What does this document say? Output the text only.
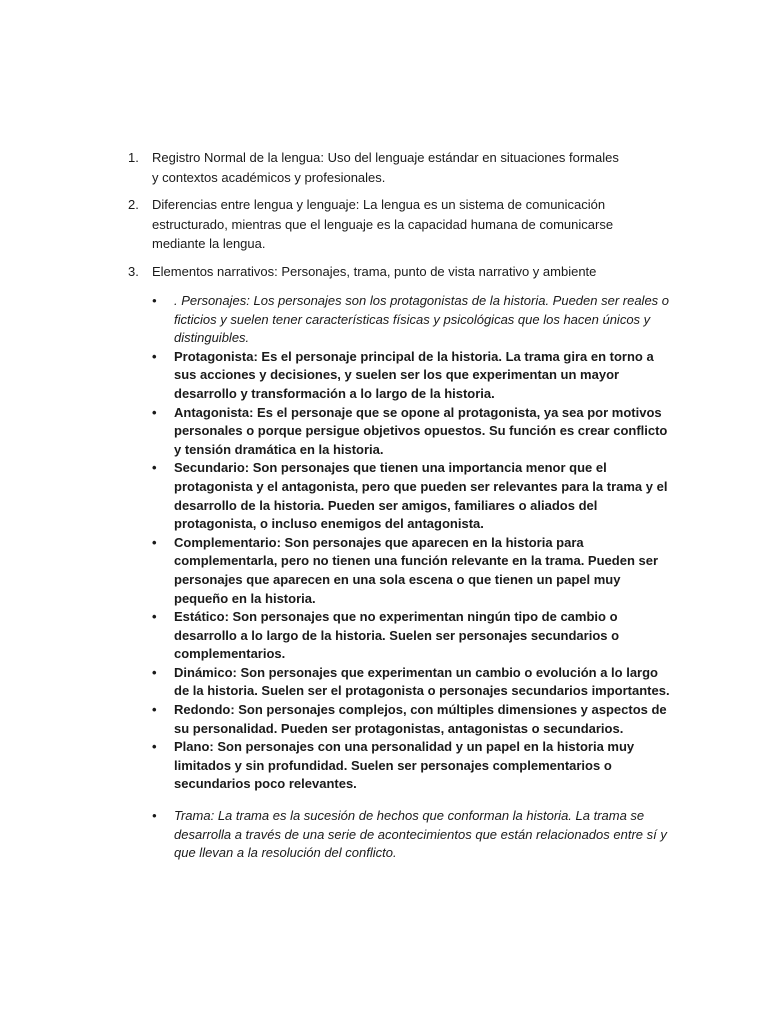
1. Registro Normal de la lengua: Uso del lenguaje estándar en situaciones formales y contextos académicos y profesionales.
2. Diferencias entre lengua y lenguaje: La lengua es un sistema de comunicación estructurado, mientras que el lenguaje es la capacidad humana de comunicarse mediante la lengua.
3. Elementos narrativos: Personajes, trama, punto de vista narrativo y ambiente
• . Personajes: Los personajes son los protagonistas de la historia. Pueden ser reales o ficticios y suelen tener características físicas y psicológicas que los hacen únicos y distinguibles.
• Protagonista: Es el personaje principal de la historia. La trama gira en torno a sus acciones y decisiones, y suelen ser los que experimentan un mayor desarrollo y transformación a lo largo de la historia.
• Antagonista: Es el personaje que se opone al protagonista, ya sea por motivos personales o porque persigue objetivos opuestos. Su función es crear conflicto y tensión dramática en la historia.
• Secundario: Son personajes que tienen una importancia menor que el protagonista y el antagonista, pero que pueden ser relevantes para la trama y el desarrollo de la historia. Pueden ser amigos, familiares o aliados del protagonista, o incluso enemigos del antagonista.
• Complementario: Son personajes que aparecen en la historia para complementarla, pero no tienen una función relevante en la trama. Pueden ser personajes que aparecen en una sola escena o que tienen un papel muy pequeño en la historia.
• Estático: Son personajes que no experimentan ningún tipo de cambio o desarrollo a lo largo de la historia. Suelen ser personajes secundarios o complementarios.
• Dinámico: Son personajes que experimentan un cambio o evolución a lo largo de la historia. Suelen ser el protagonista o personajes secundarios importantes.
• Redondo: Son personajes complejos, con múltiples dimensiones y aspectos de su personalidad. Pueden ser protagonistas, antagonistas o secundarios.
• Plano: Son personajes con una personalidad y un papel en la historia muy limitados y sin profundidad. Suelen ser personajes complementarios o secundarios poco relevantes.
• Trama: La trama es la sucesión de hechos que conforman la historia. La trama se desarrolla a través de una serie de acontecimientos que están relacionados entre sí y que llevan a la resolución del conflicto.
